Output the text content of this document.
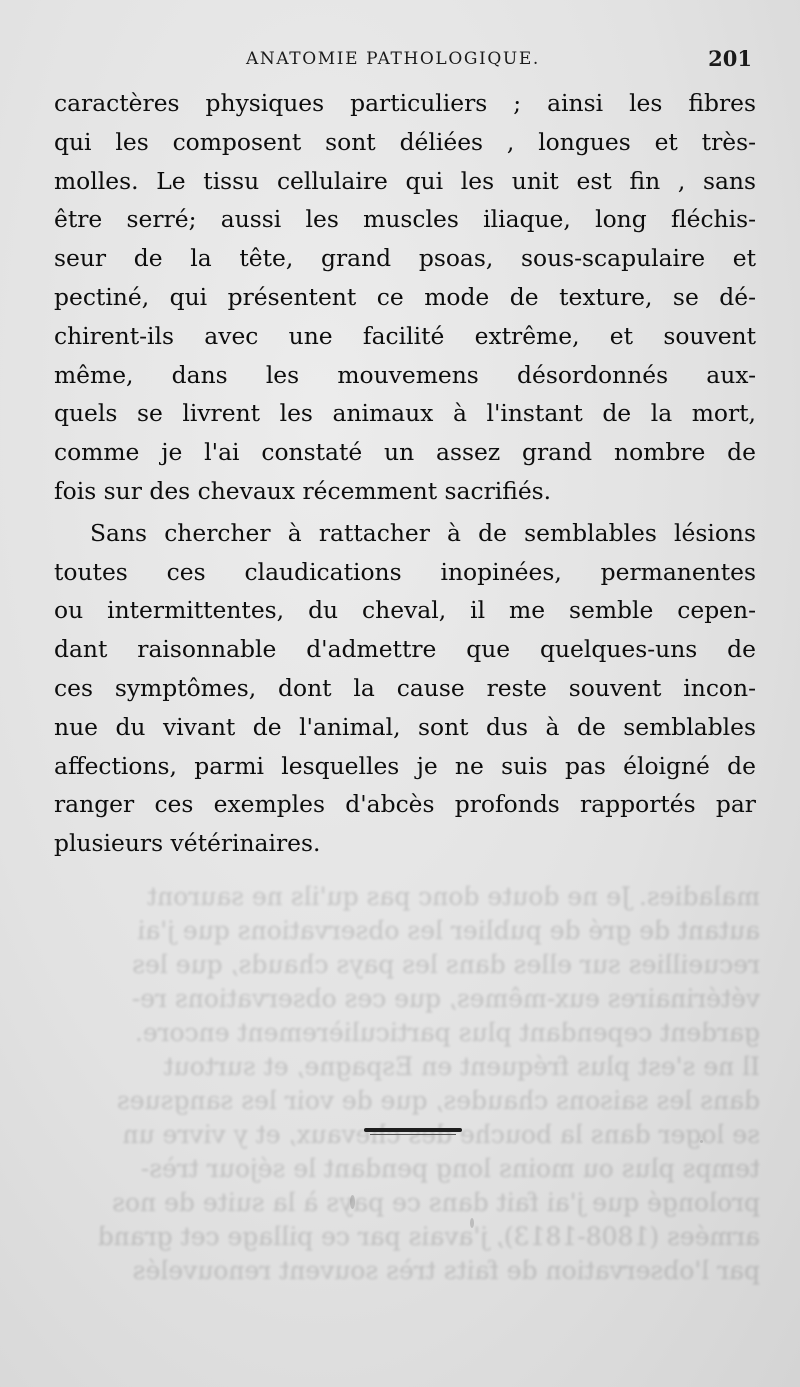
maladies. Je ne doute donc pas qu'ils ne sauront
autant de gré de publier les observations que j'ai
recueillies sur elles dans les pays chauds, que les
vétérinaires eux-mêmes, que ces observations re-
gardent cependant plus particulièrement encore.
Il ne s'est plus fréquent en Espagne, et surtout
dans les saisons chaudes, que de voir les sangsues
se loger dans la bouche chevaux, et y vivre un
temps plus ou moins long pendant le séjour très-
prolongé que j'ai fait dans ce pays à la suite de nos
armées (1808-1813), j'avais par ce pillage cet grand
par l'observation de faits très souvent renouvelés
ANATOMIE PATHOLOGIQUE.	201
caractères physiques particuliers ; ainsi les fibres
qui les composent sont déliées , longues et très-
molles. Le tissu cellulaire qui les unit est fin , sans
être serré; aussi les muscles iliaque, long fléchis-
seur de la tête, grand psoas, sous-scapulaire et
pectiné, qui présentent ce mode de texture, se dé-
chirent-ils avec une facilité extrême, et souvent
même, dans les mouvemens désordonnés aux-
quels se livrent les animaux à l'instant de la mort,
comme je l'ai constaté un assez grand nombre de
fois sur des chevaux récemment sacrifiés.
Sans chercher à rattacher à de semblables lésions
toutes ces claudications inopinées, permanentes
ou intermittentes, du cheval, il me semble cepen-
dant raisonnable d'admettre que quelques-uns de
ces symptômes, dont la cause reste souvent incon-
nue du vivant de l'animal, sont dus à de semblables
affections, parmi lesquelles je ne suis pas éloigné de
ranger ces exemples d'abcès profonds rapportés par
plusieurs vétérinaires.
